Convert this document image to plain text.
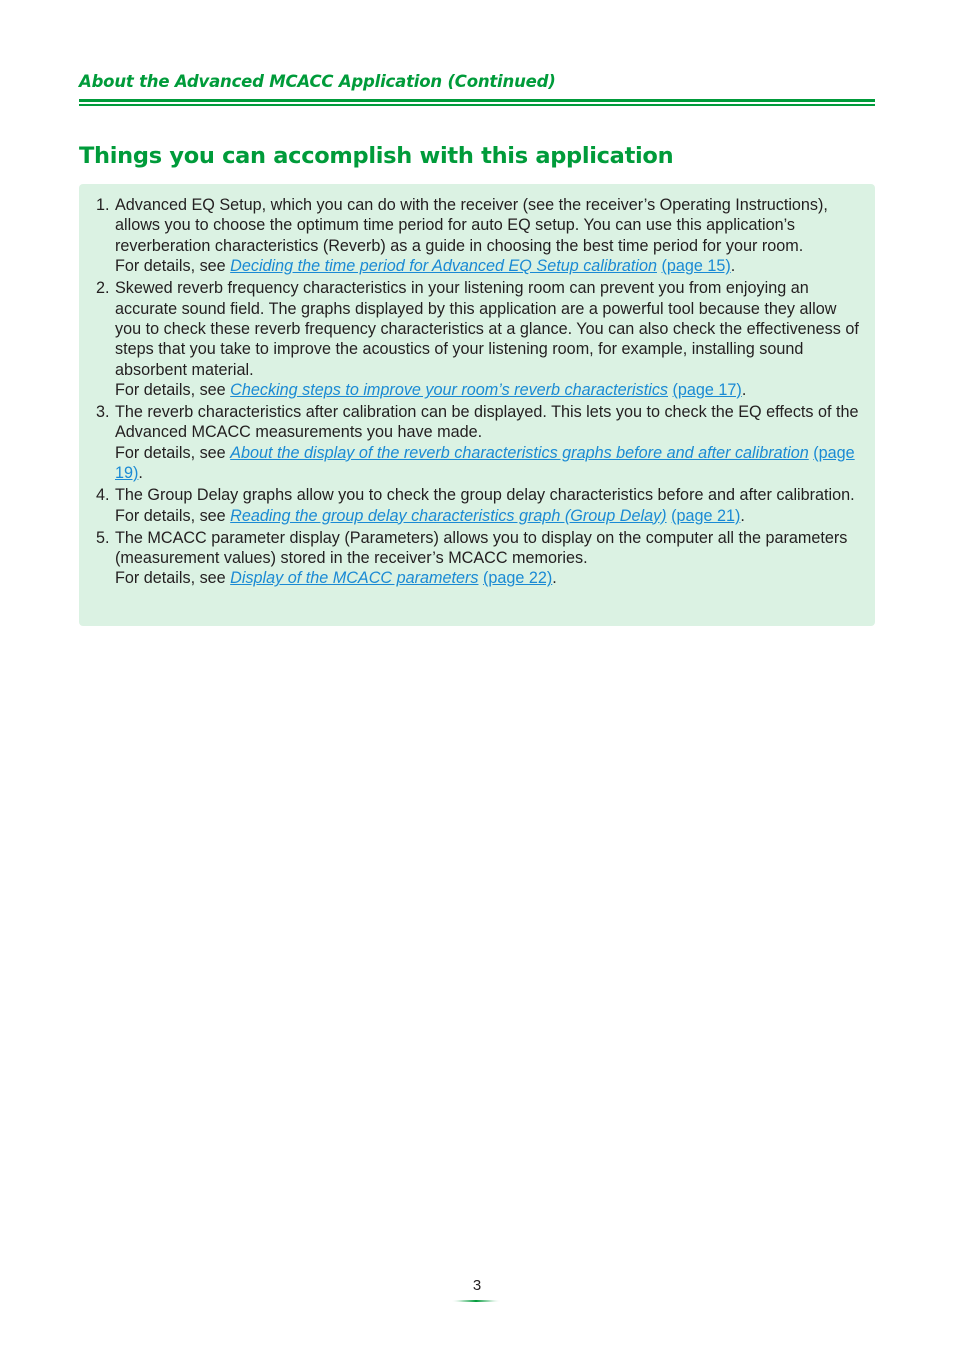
About the Advanced MCACC Application (Continued)
Things you can accomplish with this application
1. Advanced EQ Setup, which you can do with the receiver (see the receiver’s Operating Instructions), allows you to choose the optimum time period for auto EQ setup. You can use this application’s reverberation characteristics (Reverb) as a guide in choosing the best time period for your room.
For details, see Deciding the time period for Advanced EQ Setup calibration (page 15).
2. Skewed reverb frequency characteristics in your listening room can prevent you from enjoying an accurate sound field. The graphs displayed by this application are a powerful tool because they allow you to check these reverb frequency characteristics at a glance. You can also check the effectiveness of steps that you take to improve the acoustics of your listening room, for example, installing sound absorbent material.
For details, see Checking steps to improve your room’s reverb characteristics (page 17).
3. The reverb characteristics after calibration can be displayed. This lets you to check the EQ effects of the Advanced MCACC measurements you have made.
For details, see About the display of the reverb characteristics graphs before and after calibration (page 19).
4. The Group Delay graphs allow you to check the group delay characteristics before and after calibration.
For details, see Reading the group delay characteristics graph (Group Delay) (page 21).
5. The MCACC parameter display (Parameters) allows you to display on the computer all the parameters (measurement values) stored in the receiver’s MCACC memories.
For details, see Display of the MCACC parameters (page 22).
3
